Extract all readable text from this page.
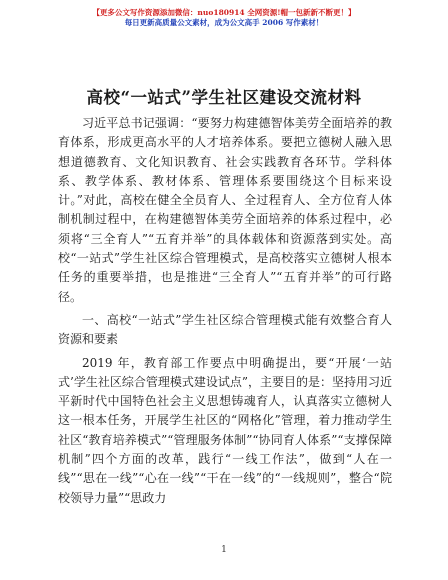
【更多公文写作资源添加微信：nuo180914 全网资源!帽一包新新不断更！】
每日更新高质量公文素材，成为公文高手 2006 写作素材！
高校“一站式”学生社区建设交流材料

习近平总书记强调：“要努力构建德智体美劳全面培养的教育体系，形成更高水平的人才培养体系。要把立德树人融入思想道德教育、文化知识教育、社会实践教育各环节。学科体系、教学体系、教材体系、管理体系要围绕这个目标来设计。”对此，高校在健全全员育人、全过程育人、全方位育人体制机制过程中，在构建德智体美劳全面培养的体系过程中，必须将“三全育人”“五育并举”的具体载体和资源落到实处。高校“一站式”学生社区综合管理模式，是高校落实立德树人根本任务的重要举措，也是推进“三全育人”“五育并举”的可行路径。

一、高校“一站式”学生社区综合管理模式能有效整合育人资源和要素

2019 年，教育部工作要点中明确提出，要“开展‘一站式’学生社区综合管理模式建设试点”，主要目的是：坚持用习近平新时代中国特色社会主义思想铸魂育人，认真落实立德树人这一根本任务，开展学生社区的“网格化”管理，着力推动学生社区“教育培养模式”“管理服务体制”“协同育人体系”“支撑保障机制”四个方面的改革，践行“一线工作法”，做到“人在一线”“思在一线”“心在一线”“干在一线”的“一线规则”，整合“院校领导力量”“思政力

1
